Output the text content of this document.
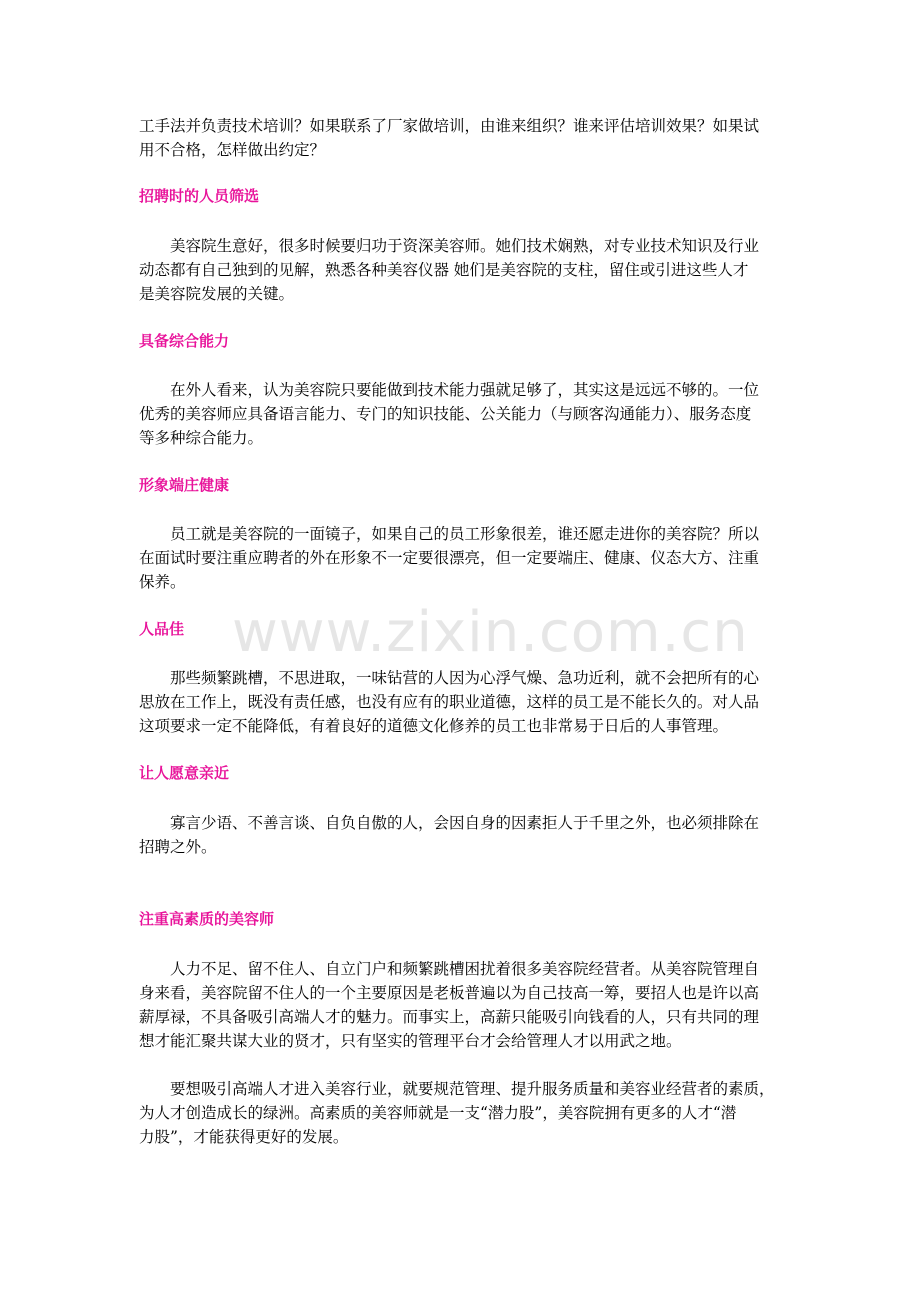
www.zixin.com.cn

工手法并负责技术培训？如果联系了厂家做培训，由谁来组织？谁来评估培训效果？如果试
用不合格，怎样做出约定？

招聘时的人员筛选

　　美容院生意好，很多时候要归功于资深美容师。她们技术娴熟，对专业技术知识及行业
动态都有自己独到的见解，熟悉各种美容仪器 她们是美容院的支柱，留住或引进这些人才
是美容院发展的关键。

具备综合能力

　　在外人看来，认为美容院只要能做到技术能力强就足够了，其实这是远远不够的。一位
优秀的美容师应具备语言能力、专门的知识技能、公关能力（与顾客沟通能力）、服务态度
等多种综合能力。

形象端庄健康

　　员工就是美容院的一面镜子，如果自己的员工形象很差，谁还愿走进你的美容院？所以
在面试时要注重应聘者的外在形象不一定要很漂亮，但一定要端庄、健康、仪态大方、注重
保养。

人品佳

　　那些频繁跳槽，不思进取，一味钻营的人因为心浮气燥、急功近利，就不会把所有的心
思放在工作上，既没有责任感，也没有应有的职业道德，这样的员工是不能长久的。对人品
这项要求一定不能降低，有着良好的道德文化修养的员工也非常易于日后的人事管理。

让人愿意亲近

　　寡言少语、不善言谈、自负自傲的人，会因自身的因素拒人于千里之外，也必须排除在
招聘之外。

注重高素质的美容师

　　人力不足、留不住人、自立门户和频繁跳槽困扰着很多美容院经营者。从美容院管理自
身来看，美容院留不住人的一个主要原因是老板普遍以为自己技高一筹，要招人也是许以高
薪厚禄，不具备吸引高端人才的魅力。而事实上，高薪只能吸引向钱看的人，只有共同的理
想才能汇聚共谋大业的贤才，只有坚实的管理平台才会给管理人才以用武之地。

　　要想吸引高端人才进入美容行业，就要规范管理、提升服务质量和美容业经营者的素质，
为人才创造成长的绿洲。高素质的美容师就是一支“潜力股”，美容院拥有更多的人才“潜
力股”，才能获得更好的发展。
